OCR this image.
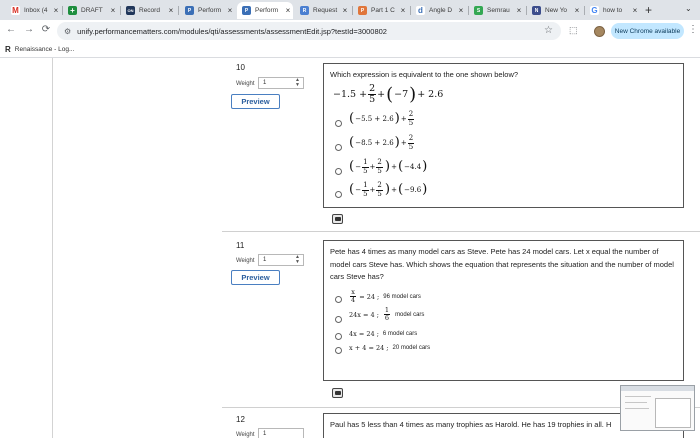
M Inbox (4 ×	+ DRAFT ×	ON Record	×	P	Perform ×	P	Perform ×	R	Request ×	P	Part 1 C ×	d Angle D ×	S	Semrau ×	N	New Yo ×	G how to	× +	⌄
← → ⟳	⚙ unify.performancematters.com/modules/qti/assessments/assessmentEdit.jsp?testId=3000802	☆ ⬚	New Chrome available ⋮
R Renaissance - Log...
10
Weight 1	▲
▼
Preview
Which expression is equivalent to the one shown below?
$-1.5 + \frac{2}{5}$ + ( −7 ) + 2.6
( −5.5 + 2.6 ) + $\frac{2}{5}$
( −8.5 + 2.6 ) + $\frac{2}{5}$
( − $\frac{1}{5} + \frac{2}{5}$ ) + ( −4.4 )
( − $\frac{1}{5} + \frac{2}{5}$ ) + ( −9.6 )
11
Weight 1	▲
▼
Preview
Pete has 4 times as many model cars as Steve. Pete has 24 model cars. Let x equal the number of model cars Steve has. Which shows the equation that represents the situation and the number of model cars Steve has?
$\frac{x}{4} = 24$ ; 96 model cars
24x = 4 ; $\frac{1}{6}$ model cars
4x = 24 ; 6 model cars
x + 4 = 24 ; 20 model cars
12
Weight 1
Paul has 5 less than 4 times as many trophies as Harold. He has 19 trophies in all. H
